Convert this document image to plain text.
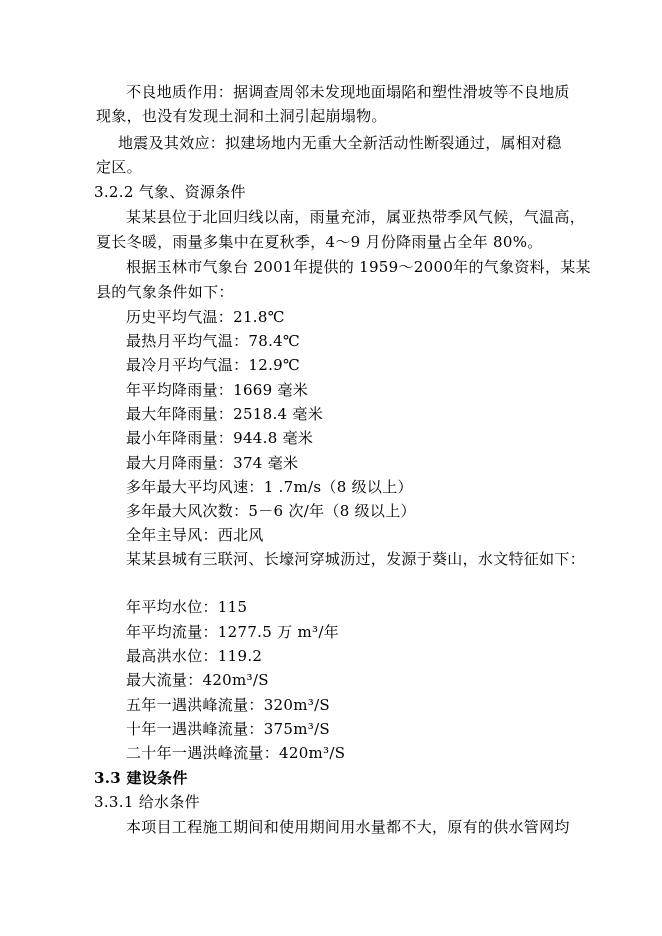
不良地质作用：据调查周邻未发现地面塌陷和塑性滑坡等不良地质
现象，也没有发现土洞和土洞引起崩塌物。
地震及其效应：拟建场地内无重大全新活动性断裂通过，属相对稳
定区。
3.2.2 气象、资源条件
某某县位于北回归线以南，雨量充沛，属亚热带季风气候，气温高，
夏长冬暖，雨量多集中在夏秋季，4～9 月份降雨量占全年 80%。
根据玉林市气象台 2001年提供的 1959～2000年的气象资料，某某
县的气象条件如下：
历史平均气温：21.8℃
最热月平均气温：78.4℃
最冷月平均气温：12.9℃
年平均降雨量：1669 毫米
最大年降雨量：2518.4 毫米
最小年降雨量：944.8 毫米
最大月降雨量：374 毫米
多年最大平均风速：1 .7m/s（8 级以上）
多年最大风次数：5－6 次/年（8 级以上）
全年主导风：西北风
某某县城有三联河、长壕河穿城沥过，发源于葵山，水文特征如下：
年平均水位：115
年平均流量：1277.5 万 m³/年
最高洪水位：119.2
最大流量：420m³/S
五年一遇洪峰流量：320m³/S
十年一遇洪峰流量：375m³/S
二十年一遇洪峰流量：420m³/S
3.3 建设条件
3.3.1 给水条件
本项目工程施工期间和使用期间用水量都不大，原有的供水管网均
